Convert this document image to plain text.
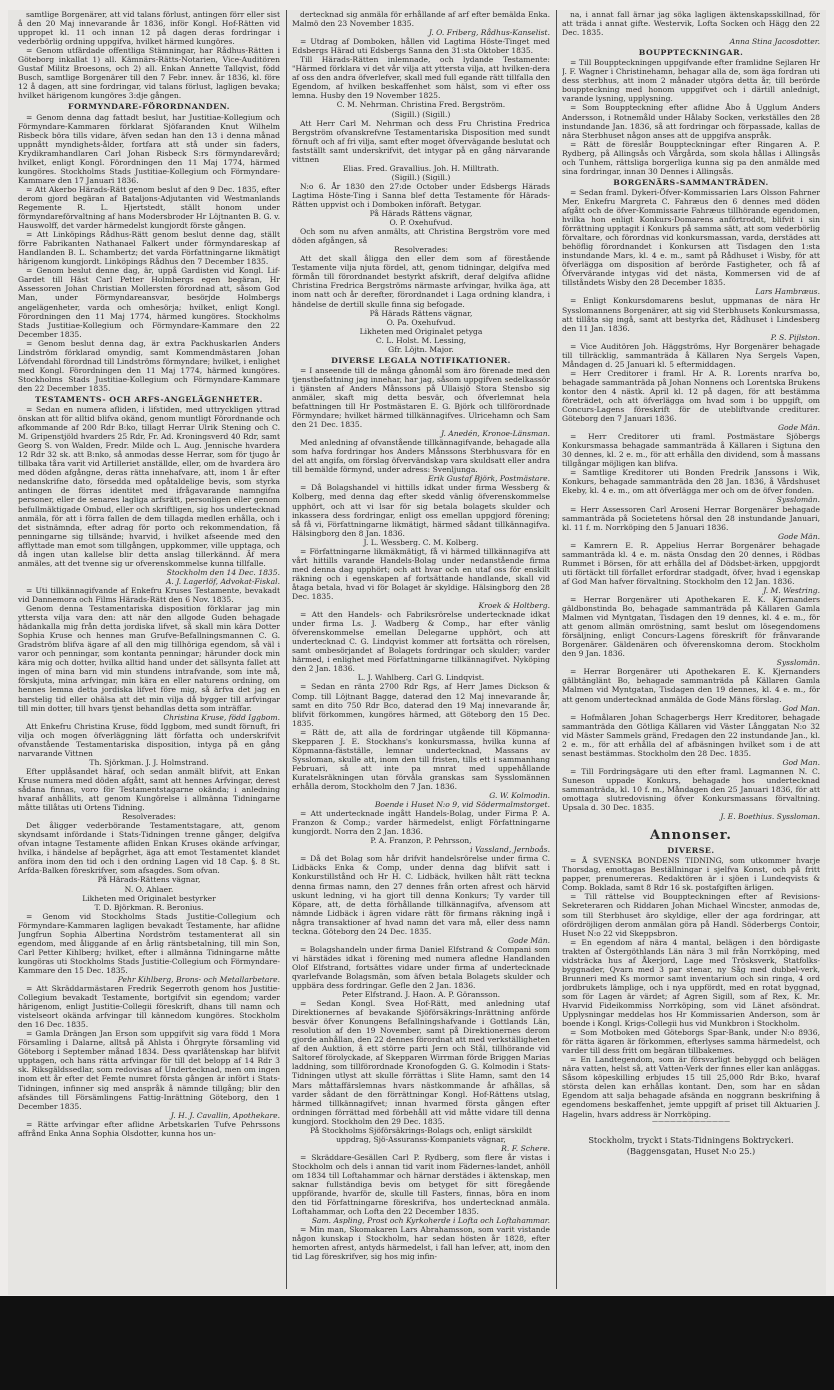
samtlige Borgenärer, att vid talans förlust, antingen förr eller sist å den 20 Maj innevarande år 1836, inför Kongl. Hof-Rätten vid uppropet kl. 11 och innan 12 på dagen deras fordringar i vederbörlig ordning uppgifva, hvilket härmed kungöres.

= Genom utfärdade offentliga Stämningar, har Rådhus-Rätten i Göteborg inkallat 1) all. Kämnärs-Rätts-Notarien, Vice-Auditören Gustaf Militz Broesons, och 2) all. Enkan Annette Tallqvist, född Busch, samtlige Borgenärer till den 7 Febr. innev. år 1836, kl. före 12 å dagen, att sine fordringar, vid talans förlust, lagligen bevaka; hvilket härigenom kungöres 3:dje gången.

FORMYNDARE-FÖRORDNANDEN.

= Genom denna dag fattadt beslut, har Justitiae-Kollegium och Förmyndare-Kammaren förklarat Sjöfaranden Knut Wilhelm Risbeck böra tills vidare, äfven sedan han den 13 i denna månad uppnått myndighets-ålder, fortfara att stå under sin faders, Krydikramhandlaren Carl Johan Risbeck S:rs förmyndarevård; hvilket, enligt Kongl. Förordningen den 11 Maj 1774, härmed kungöres. Stockholms Stads Justitiae-Kollegium och Förmyndare-Kammare den 17 Januari 1836.

= Att Akerbo Härads-Rätt genom beslut af den 9 Dec. 1835, efter derom gjord begäran af Bataljons-Adjutanten vid Westmanlands Regemente R. L. Hjertstedt, ställt honom under förmyndareförvaltning af hans Modersbroder Hr Löjtnanten B. G. v. Hauswolff, det varder härmedelst kungjordt förste gången.

= Att Linköpings Rådhus-Rätt genom beslut denne dag, ställt förre Fabrikanten Nathanael Falkert under förmyndareskap af Handlanden B. L. Schambertz; det varda Författningarne likmätigt härigenom kungjordt. Linköpings Rådhus den 7 December 1835.

= Genom beslut denne dag, är, uppå Gardisten vid Kongl. Lif-Gardet till Häst Carl Petter Holmbergs egen begäran, Hr Assessoren Johan Christian Mollersten förordnad att, såsom God Man, under Förmyndareansvar, besörjde Holmbergs angelägenheter, varda och omhesörja; hvilket, enligt Kongl. Förordningen den 11 Maj 1774, härmed kungöres. Stockholms Stads Justitiae-Kollegium och Förmyndare-Kammare den 22 December 1835.

= Genom beslut denna dag, är extra Packhuskarlen Anders Lindström förklarad omyndig, samt Kommendmästaren Johan Löfvendahl förordnad till Lindströms förmyndare; hvilket, i enlighet med Kongl. Förordningen den 11 Maj 1774, härmed kungöres. Stockholms Stads Justitiae-Kollegium och Förmyndare-Kammare den 22 December 1835.

TESTAMENTS- OCH ARFS-ANGELÄGENHETER.

= Sedan en numera afliden, i lifstiden, med uttryckligen yttrad önskan att för alltid blifva okänd, genom muntligt Förordnande och afkommande af 200 Rdr B:ko, tillagt Herrar Ulrik Stening och C. M. Gripenstjöld hvarders 25 Rdr, Fr. Ad. Kroningsverd 40 Rdr, samt Georg S. von Walden, Fredr. Milde och L. Aug. Jennische hvardera 12 Rdr 32 sk. att B:nko, så anmodas desse Herrar, som för tjugo år tillbaka tåra varit vid Artilleriet anställde, eller, om de hvardera äro med döden afgångne, deras rätta innehafvare, att, inom 1 år efter nedanskrifne dato, försedda med opåtaldelige bevis, som styrka antingen de förras identitet med ifrågavarande namngifna personer, eller de senares lagliga arfsrätt, personligen eller genom befullmäktigade Ombud, eller och skriftligen, sig hos undertecknad anmäla, för att i förra fallen de dem tillagda medlen erhålla, och i det sistnämnda, efter adrag för porto och rekommendation, få penningarne sig tillsände; hvarvid, i hvilket afseende med den afflyttade man emot som tillgången, uppkommer, ville upptaga, och då ingen utan kallelse blir detta anslag tillerkännd. Äf mera anmäles, att det tvenne sig ur ofverenskommelse kunna tillfalle.

Stockholm den 14 Dec. 1835.

A. J. Lagerlöf, Advokat-Fiskal.

= Uti tillkännagifvande af Enkefru Kruses Testamente, bevakadt vid Dannemora och Films Härads-Rätt den 6 Nov. 1835.

Genom denna Testamentariska disposition förklarar jag min yttersta vilja vara den: att när den allgode Guden behagade hädankalla mig från detta jordiska lifvet, så skall min kära Dotter Sophia Kruse och hennes man Grufve-Befallningsmannen C. G. Gradström blifva ägare af all den mig tillhöriga egendom, så väl i varor och penningar, som kontanta penningar; härunder dock min kära mig och dotter, hvilka alltid hand under det sällsynta fallet att ingen of mina barn vid min stundens intrafvande, som inte må, förskjuta, mina arfvingar, min kära en eller naturens ordning, om hennes lemna detta jordiska lifvet före mig, så ärfva det jag en barstelig tid eller ohälsa att det min vilja då bygger till arfvingar till min dotter, till hvars tjenst behandlas detta som inträffar.

Christina Kruse, född Iggbom.

Att Enkefru Christina Kruse, född Iggbom, med sundt förnuft, fri vilja och mogen öfverläggning lätt författa och underskrifvit ofvanstående Testamentariska disposition, intyga på en gång narvarande Vittnen

Th. Sjörkman. J. J. Holmstrand.

Efter upplåsandet häraf, och sedan anmält blifvit, att Enkan Kruse numera med döden afgått, samt att hennes Arfvingar, derest sådana finnas, voro för Testamentstagarne okända; i anledning hvaraf anhållits, att genom Kungörelse i allmänna Tidningarne måtte tillåtas uti Ortens Tidning.

Resolverades:

Det åligger vederbörande Testamentstagare, att, genom skyndsamt infördande i Stats-Tidningen trenne gånger, delgifva ofvan intagne Testamente afliden Enkan Kruses okände arfvingar, hvilka, i händelse af bepågrhet, äga att emot Testamentet klandet anföra inom den tid och i den ordning Lagen vid 18 Cap. §. 8 St. Arfda-Balken föreskrifver, som afsagdes. Som ofvan.

På Härads-Rättens vägnar,

N. O. Ahlaer.

Likheten med Originalet bestyrker

T. D. Björkman. R. Beronius.

= Genom vid Stockholms Stads Justitie-Collegium och Förmyndare-Kammaren lagligen bevakadt Testamente, har aflidne Jungfrun Sophia Albertina Nordström testamenterat all sin egendom, med åliggande af en årlig räntsbetalning, till min Son, Carl Petter Kihlberg; hvilket, efter i allmänna Tidningarne måtte kungöras uti Stockholms Stads Justitie-Collegium och Förmyndare-Kammare den 15 Dec. 1835.

Pehr Kihlberg, Brons- och Metallarbetare.

= Att Skräddarmästaren Fredrik Segerroth genom hos Justitie-Collegium bevakadt Testamente, bortgifvit sin egendom; varder härigenom, enligt Justitie-Collegii föreskrift, dhans till namn och vistelseort okända arfvingar till kännedom kungöres. Stockholm den 16 Dec. 1835.

= Gamla Drängen Jan Erson som uppgifvit sig vara född 1 Mora Församling i Dalarne, alltså på Ahlsta i Öhrgryte församling vid Göteborg i September månad 1834. Dess qvarlåtenskap har blifvit upptagen, och hans rätta arfvingar för till det belopp af 14 Rdr 3 sk. Riksgäldssedlar, som redovisas af Undertecknad, men om ingen inom ett år efter det Femte numret första gången är infört i Stats-Tidningen, infinner sig med anspråk å nämnde tillgång; blir den afsändes till Försämlingens Fattig-Inrättning Göteborg, den 1 December 1835.

J. H. J. Cavallin, Apothekare.

= Rätte arfvingar efter aflidne Arbetskarlen Tufve Pehrssons affrånd Enka Anna Sophia Olsdotter, kunna hos un-

dertecknad sig anmäla för erhållande af arf efter bemälda Enka. Malmö den 23 November 1835.

J. O. Friberg, Rådhus-Kanselist.

= Utdrag af Domboken, hållen vid Lagtima Höste-Tinget med Edsbergs Härad uti Edsbergs Sanna den 31:sta Oktober 1835.

Till Härads-Rätten inlemnade, och lydande Testamente: "Härmed förklara vi det vår vilja att yttersta vilja, att hvilken-dera af oss den andra öfverlefver, skall med full egande rätt tillfalla den Egendom, af hvilken beskaffenhet som hälst, som vi efter oss lemna. Husby den 19 November 1825.

C. M. Nehrman. Christina Fred. Bergström.

(Sigill.) (Sigill.)

Att Herr Carl M. Nehrman och dess Fru Christina Fredrica Bergström ofvanskrefvne Testamentariska Disposition med sundt förnuft och af fri vilja, samt efter moget öfvervägande beslutat och fastställt samt underskrifvit, det intygar på en gång närvarande vittnen

Elias. Fred. Gravallius. Joh. H. Milltrath.

(Sigill.) (Sigill.)

N:o 6. År 1830 den 27:de October under Edsbergs Härads Lagtima Höste-Ting i Sanna blef detta Testamente för Härads-Rätten uppvist och i Domboken införaft. Betygar.

På Härads Rättens vägnar,

O. P. Oxehufvud.

Och som nu afven anmälts, att Christina Bergström vore med döden afgången, så

Resolverades:

Att det skall åligga den eller dem som af förestående Testamente vilja njuta fördel, att, genom tidningar, delgifva med förmån till förordnandet bestyrkt afskrift, deraf delgifva aflidne Christina Fredrica Bergströms närmaste arfvingar, hvilka äga, att inom natt och år derefter, förordnandet i Laga ordning klandra, i händelse de dertill skulle finna sig befogade.

På Härads Rättens vägnar,

O. Pa. Oxehufvud.

Likheten med Originalet petyga

C. L. Holst. M. Lessing,

Gfr. Löjtn. Major.

DIVERSE LEGALA NOTIFIKATIONER.

= I anseende till de många gånomål som äro förenade med den tjenstbefattning jag innehar, har jag, såsom uppgifven sedelkassör i tjänsten af Anders Månssons på Ullaisjö Stora Stensbo sig anmäler, skaft mig detta besvär, och öfverlemnat hela befattningen till Hr Postmästaren E. G. Björk och tillförordnade Förmyndare; hvilket härmed tillkännagifves. Ulricehamn och Sam den 21 Dec. 1835.

J. Anedén, Kronoe-Länsman.

Med anledning af ofvanstående tillkännagifvande, behagade alla som hafva fordringar hos Anders Månssons Sterbhusvara för en del att angifa, om förslag öfvervändskap vara skuldsatt eller andra till bemälde förmynd, under adress: Svenljunga.

Erik Gustaf Björk, Postmästare.

= Då Bolagshandel vi hittills idkat under firma Wessberg & Kolberg, med denna dag efter skedd vänlig öfverenskommelse upphört, och att vi lsar för sig betala bolagets skulder och inkassera dess fordringar, enligt oss emellan uppgjord förening; så få vi, Författningarne likmätigt, härmed sådant tillkännagifva. Hälsingborg den 8 Jan. 1836.

J. L. Wessberg. C. M. Kolberg.

= Författningarne likmäkmätigt, få vi härmed tillkännagifva att vårt hittills varande Handels-Bolag under nedanstående firma med denna dag upphört; och att hvar och en utaf oss för enskilt räkning och i egenskapen af fortsättande handlande, skall vid åtaga betala, hvad vi för Bolaget är skyldige. Hälsingborg den 28 Dec. 1835.

Kroek & Holtberg.

= Att den Handels- och Fabriksrörelse undertecknade idkat under firma Ls. J. Wadberg & Comp., har efter vänlig öfverenskommelse emellan Delegarne upphört, och att undertecknad C. G. Lindqvist kommer att fortsätta och rörelsen, samt ombesörjandet af Bolagets fordringar och skulder; varder härmed, i enlighet med Författningarne tillkännagifvet. Nyköping den 2 Jan. 1836.

L. J. Wahlberg. Carl G. Lindqvist.

= Sedan en ränta 2700 Rdr Rgs, af Herr James Dickson & Comp. till Löjtnant Bagge, daterad den 12 Maj innevarande år, samt en dito 750 Rdr Bco, daterad den 19 Maj innevarande år, blifvit förkommen, kungöres härmed, att Göteborg den 15 Dec. 1835.

= Rätt de, att alla de fordringar utgående till Köpmanna-Skepparen J. E. Stockhans's konkursmassa, hvilka kunna af Köpmanna-fästställe, lemnar undertecknad, Massans av Syssloman, skulle att, inom den till fristen, tills ett i sammanhang Februari, så att inte pa mnrat med uppehållande Kuratelsräkningen utan förvåla granskas sam Sysslomännen erhålla derom, Stockholm den 7 Jan. 1836.

G. W. Kolmodin.

Boende i Huset N:o 9, vid Södermalmstorget.

= Att undertecknade ingått Handels-Bolag, under Firma P. A. Franzon & Comp.; varder härmedelst, enligt Författningarne kungjordt. Norra den 2 Jan. 1836.

P. A. Franzon, P. Pehrsson,

i Vassland, Jernboås.

= Då det Bolag som hår drifvit handelsrörelse under firma C. Lidbäcks Enka & Comp, under denna dag blifvit satt i Konkurstillstånd och Hr H. C. Lidbäck, hvilken hålt rätt teckna denna firmas namn, den 27 dennes från orten afrest och härvid uskunt ledning, vi ha gjort till denna Konkurs; Ty varder till Köpare, att, de detta förhållande tillkännagifva, afvensom att nämnde Lidbäck i ägren vidare rätt för firmans räkning ingå i några transaktioner af hvad namn det vara må, eller dess namn teckna. Göteborg den 24 Dec. 1835.

Gode Män.

= Bolagshandeln under firma Daniel Elfstrand & Compani som vi härstädes idkat i förening med numera afledne Handlanden Olof Elfstrand, fortsättes vidare under firma af undertecknade qvarlefvande Bolagsmän, som äfven betala Bolagets skulder och uppbära dess fordringar. Gefle den 2 Jan. 1836.

Peter Elfstrand. J. Haon. A. P. Göransson.

= Sedan Kongl. Svea Hof-Rätt, med anledning utaf Direktionernes af bevakande Sjöförsäkrings-Inrättning anförde besvär öfver Konungens Befallningshafvande i Gottlands Län, resolution af den 19 November, samt på Direktionernes derom gjorde anhållan, den 22 dennes förordnat att med verkställigheten af den Auktion, å ett större parti Jern och Stål, tillhörande vid Saltoref förolyckade, af Skepparen Wirrman förde Briggen Marias laddning, som tillförordnade Kronofogden G. G. Kolmodin i Stats-Tidningen utlyst att skulle förrättas i Slite Hamn, samt den 14 Mars måttaffärslemnas hvars nästkommande år afhållas, så varder sådant de den förrättningar Kongl. Hof-Rättens utslag, härmed tillkännagifvet; innan hvarmed första gången efter ordningen förrättad med förbehåll att vid måtte vidare till denna kungjord. Stockholm den 29 Dec. 1835.

På Stockholms Sjöförsäkrings-Bolags och, enligt särskildt uppdrag, Sjö-Assuranss-Kompaniets vägnar,

R. F. Schere.

= Skräddare-Gesällen Carl P. Rydberg, som flere år vistas i Stockholm och dels i annan tid varit inom Fädernes-landet, anhöll om 1834 till Loftahammar och härnar derstädes i äktenskap, men saknar fullständiga bevis om betyget för sitt föregående uppförande, hvarför de, skulle till Fasters, finnas, böra en inom den tid Författningarne föreskrifva, hos undertecknad anmäla. Loftahammar, och Lofta den 22 December 1835.

Sam. Aspling, Prost och Kyrkoherde i Lofta och Loftahammar.

= Min man, Skomakaren Lars Abrahamsson, som varit vistande någon kunskap i Stockholm, har sedan hösten år 1828, efter hemorten afrest, antyds härmedelst, i fall han lefver, att, inom den tid Lag föreskrifver, sig hos mig infin-

na, i annat fall ärnar jag söka lagligen äktenskapsskillnad, för att träda i annat gifte. Westervik, Lofta Socken och Hägg den 22 Dec. 1835.

Anna Stina Jacosdotter.

BOUPPTECKNINGAR.

= Till Bouppteckningen uppgifvande efter framlidne Sejlaren Hr J. F. Wagner i Christinehamn, behagar alla de, som äga fordran uti dess sterbhus, att inom 2 månader utgöra detta år, till berörde bouppteckning med honom uppgifvet och i därtill anlednigt, varande lysning, upplysning.

= Som Bouppteckning efter aflidne Åbo å Ugglum Anders Andersson, i Rotnemåld under Hålaby Socken, verkställes den 28 instundande Jan. 1836, så att fordringar och förpassade, kallas de nära Sterbhuset någon anses att de uppgifva anspråk.

= Rätt de föreslår Bouppteckningar efter Ringaren A. P. Rydberg, på Allingsås och Vårgårda, som skola hållas i Allingsås och Tunhem, rättsliga borgerliga kunna sig pa den anmälde med sina fordringar, innan 30 Dennes i Allingsås.

BORGENÄRS-SAMMANTRÄDEN.

= Sedan framl. Dykeri-Öfver-Kommissarien Lars Olsson Fahrner Mer, Enkefru Margreta C. Fahræus den 6 dennes med döden afgått och de öfver-Kommissarie Fahræus tillhörande egendomen, hvilka hon enligt Konkurs-Domarens anförtroddt, blifvit i sin förrättning upptagit i Konkurs på samma sätt, att som vederbörlig förvaltare, och förordnas vid konkursmassan, varda, derstädes att behöflig förordnandet i Konkursen att Tisdagen den 1:sta instundande Mars, kl. 4 e. m., samt på Rådhuset i Wisby, för att öfverlägga om disposition af berörde Fastigheter, och få af Öfvervärande intygas vid det nästa, Kommersen vid de af tillståndets Wisby den 28 December 1835.

Lars Hambræus.

= Enligt Konkursdomarens beslut, uppmanas de nära Hr Sysslomannens Borgenärer, att sig vid Sterbhusets Konkursmassa, att tillåta sig ingå, samt att bestyrka det, Rådhuset i Lindesberg den 11 Jan. 1836.

P. S. Pijlston.

= Vice Auditören Joh. Häggströms, Hyr Borgenärer behagade till tillräcklig, sammanträda å Källaren Nya Sergels Vapen, Måndagen d. 25 Januari kl. 5 eftermiddagen.

= Herr Creditorer i framl. Hr A. R. Lorents nrarfva bo, behagade sammanträda på Johan Nonnens och Lorentska Brukens kontor den 4 nästk. April kl. 12 på dagen, för att bestämma företrädet, och att öfverlägga om hvad som i bo uppgift, om Concurs-Lagens föreskrift för de utebliftvande crediturer. Göteborg den 7 Januari 1836.

Gode Män.

= Herr Creditorer uti framl. Postmästare Sjöbergs Konkursmassa behagade sammanträda å Källaren i Sigtuna den 30 dennes, kl. 2 e. m., för att erhålla den dividend, som å massans tillgångar möjligen kan blifva.

= Samtlige Kreditorer uti Bonden Fredrik Janssons i Wik, Konkurs, behagade sammanträda den 28 Jan. 1836, å Vårdshuset Ekeby, kl. 4 e. m., om att öfverlägga mer och om de öfver fonden.

Sysslomän.

= Herr Assessoren Carl Aroseni Herrar Borgenärer behagade sammanträda på Societetens hörsal den 28 instundande Januari, kl. 11 f. m. Norrköping den 5 Januari 1836.

Gode Män.

= Kamrern E. R. Appelius Herrar Borgenärer behagade sammanträda kl. 4 e. m. nästa Onsdag den 20 dennes, i Rödbas Rummet i Börsen, för att erhålla del af Dödsbet-ärken, uppgjordt uti förtäckt till förfallet erfordrar stadgadt, öfver, hvad i egenskap af God Man hafver förvaltning. Stockholm den 12 Jan. 1836.

J. M. Westring.

= Herrar Borgenärer uti Apothekaren E. K. Kjernanders gäldbonstinda Bo, behagade sammanträda på Källaren Gamla Malmen vid Myntgatan, Tisdagen den 19 dennes, kl. 4 e. m., för att genom allmän omröstning, samt beslut om lösegendomens försäljning, enligt Concurs-Lagens föreskrift för frånvarande Borgenärer. Gäldenären och öfverenskomna derom. Stockholm den 9 Jan. 1836.

Sysslomän.

= Herrar Borgenärer uti Apothekaren E. K. Kjernanders gälbtänglänt Bo, behagade sammanträda på Källaren Gamla Malmen vid Myntgatan, Tisdagen den 19 dennes, kl. 4 e. m., för att genom undertecknad anmälda de Gode Mäns förslag.

God Man.

= Hofmålaren Johan Schagerbergs Herr Kreditorer, behagade sammanträda den Götliga Källaren vid Väster Långgatan N:o 32 vid Mäster Sammels gränd, Fredagen den 22 instundande Jan., kl. 2 e. m., för att erhålla del af afbäsningen hvilket som i de att senast bestämmas. Stockholm den 28 Dec. 1835.

God Man.

= Till Fordringsägare uti den efter framl. Lagmannen N. C. Suneson uppade Konkurs, behagade hos undertecknad sammanträda, kl. 10 f. m., Måndagen den 25 Januari 1836, för att omottaga slutredovisning öfver Konkursmassans förvaltning. Upsala d. 30 Dec. 1835.

J. E. Boethius. Syssloman.

Annonser.

DIVERSE.

= Å SVENSKA BONDENS TIDNING, som utkommer hvarje Thorsdag, emottagas Beställningar i sjelfva Konst, och på fritt papper, prenumereras. Redaktören är i sjöen i Lundeqvists & Comp. Boklada, samt 8 Rdr 16 sk. postafgiften ärligen.

= Till rättelse vid Bouppteckningen efter af Revisions-Sekreteraren och Riddaren Johan Michael Wincster, anmodas de, som till Sterbhuset äro skyldige, eller der aga fordringar, att ofördröjligen derom anmälan göra på Handl. Söderbergs Contoir, Huset N:o 22 vid Skeppsbron.

= En egendom af nära 4 mantal, belägen i den bördigaste trakten af Östergöthlands Län nära 3 mil från Norrköping, med vidsträcka hus af Åkerjord, Lage med Trösksverk, Statfolks-byggnader, Qvarn med 3 par stenar, ny Såg med dubbel-verk, Brunneri med Ks mormor samt inventarium och sin ringa, 4 ord jordbrukets lämplige, och i nya uppfördt, med en rotat byggnad, som för Lagen är värdet; af Agren Sigill, som af Rex, K. Mr. Hvarvid Fideikommiss Norrköping, som vid Länet afsöndrat. Upplysningar meddelas hos Hr Kommissarien Anderson, som är boende i Kongl. Krigs-Collegii hus vid Munkbron i Stockholm.

= Som Motboken med Göteborgs Spar-Bank, under N:o 8936, för rätta ägaren är förkommen, efterlyses samma härmedelst, och varder till dess fritt om begäran tillbakemes.

= En Landtegendom, som är försvarligt bebyggd och belägen nära vatten, helst så, att Vatten-Verk der finnes eller kan anläggas. Såsom köpeskilling erbjudes 15 till 25,000 Rdr B:ko, hvaraf största delen kan erhållas kontant. Den, som har en sådan Egendom att salja behagade afsända en noggrann beskrifning å egendomens beskaffenhet, jemte uppgift af priset till Aktuarien J. Hagelin, hvars address är Norrköping.

—————————————

Stockholm, tryckt i Stats-Tidningens Boktryckeri. (Baggensgatan, Huset N:o 25.)
